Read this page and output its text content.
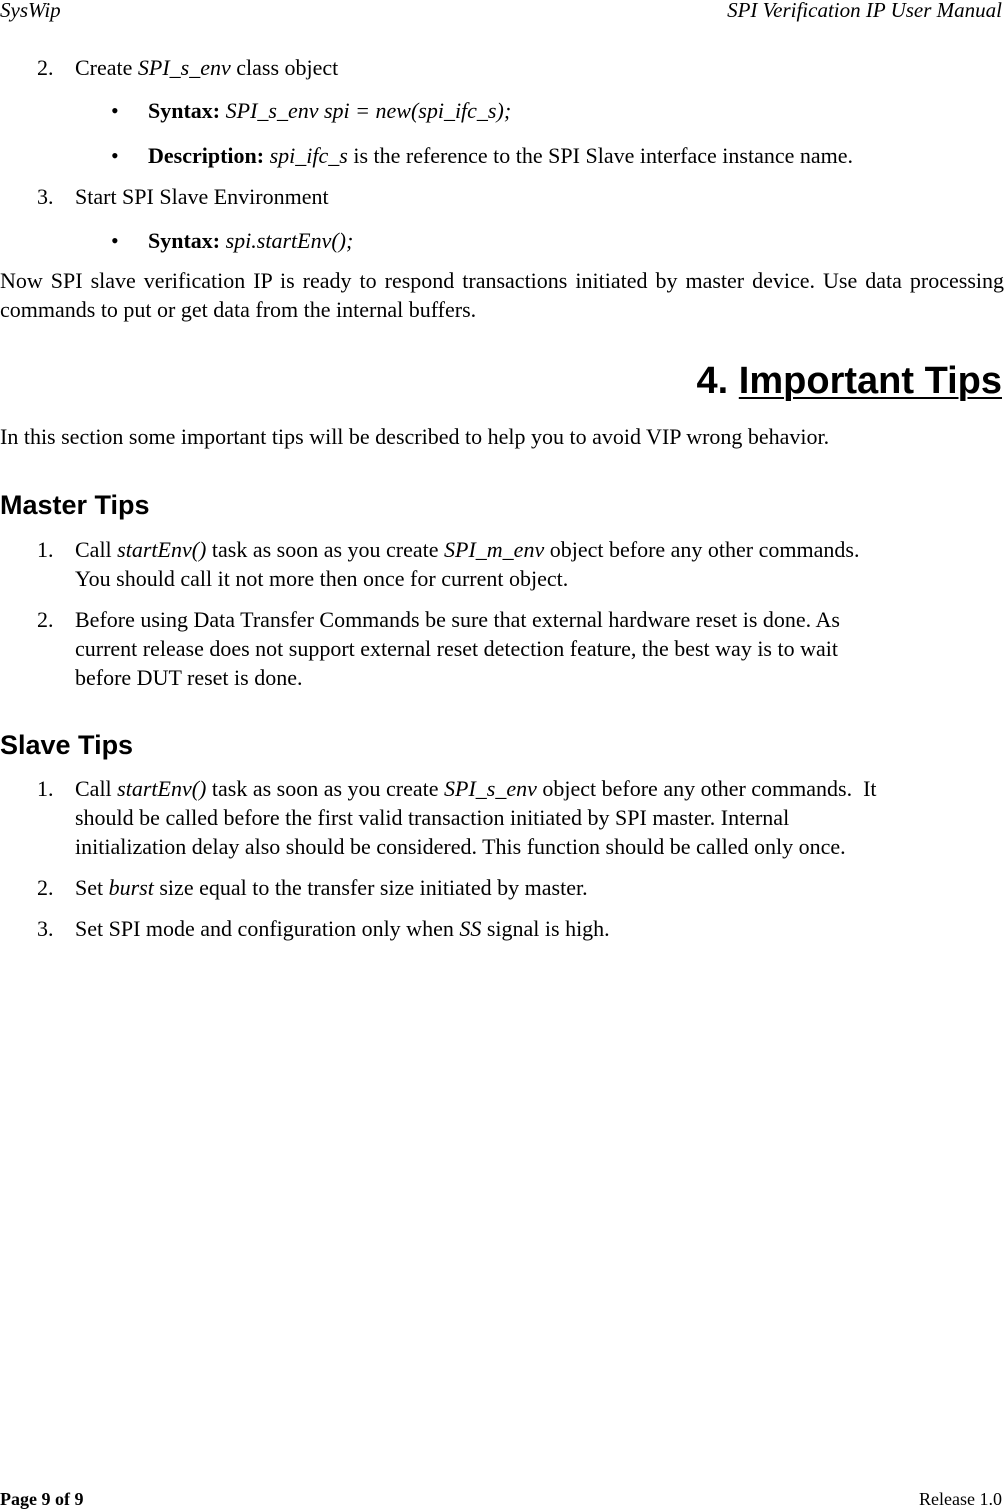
SysWip	SPI Verification IP User Manual
2. Create SPI_s_env class object
• Syntax: SPI_s_env spi = new(spi_ifc_s);
• Description: spi_ifc_s is the reference to the SPI Slave interface instance name.
3. Start SPI Slave Environment
• Syntax: spi.startEnv();
Now SPI slave verification IP is ready to respond transactions initiated by master device. Use data processing commands to put or get data from the internal buffers.
4. Important Tips
In this section some important tips will be described to help you to avoid VIP wrong behavior.
Master Tips
1. Call startEnv() task as soon as you create SPI_m_env object before any other commands.
You should call it not more then once for current object.
2. Before using Data Transfer Commands be sure that external hardware reset is done. As
current release does not support external reset detection feature, the best way is to wait
before DUT reset is done.
Slave Tips
1. Call startEnv() task as soon as you create SPI_s_env object before any other commands.  It
should be called before the first valid transaction initiated by SPI master. Internal
initialization delay also should be considered. This function should be called only once.
2. Set burst size equal to the transfer size initiated by master.
3. Set SPI mode and configuration only when SS signal is high.
Page 9 of 9	Release 1.0
